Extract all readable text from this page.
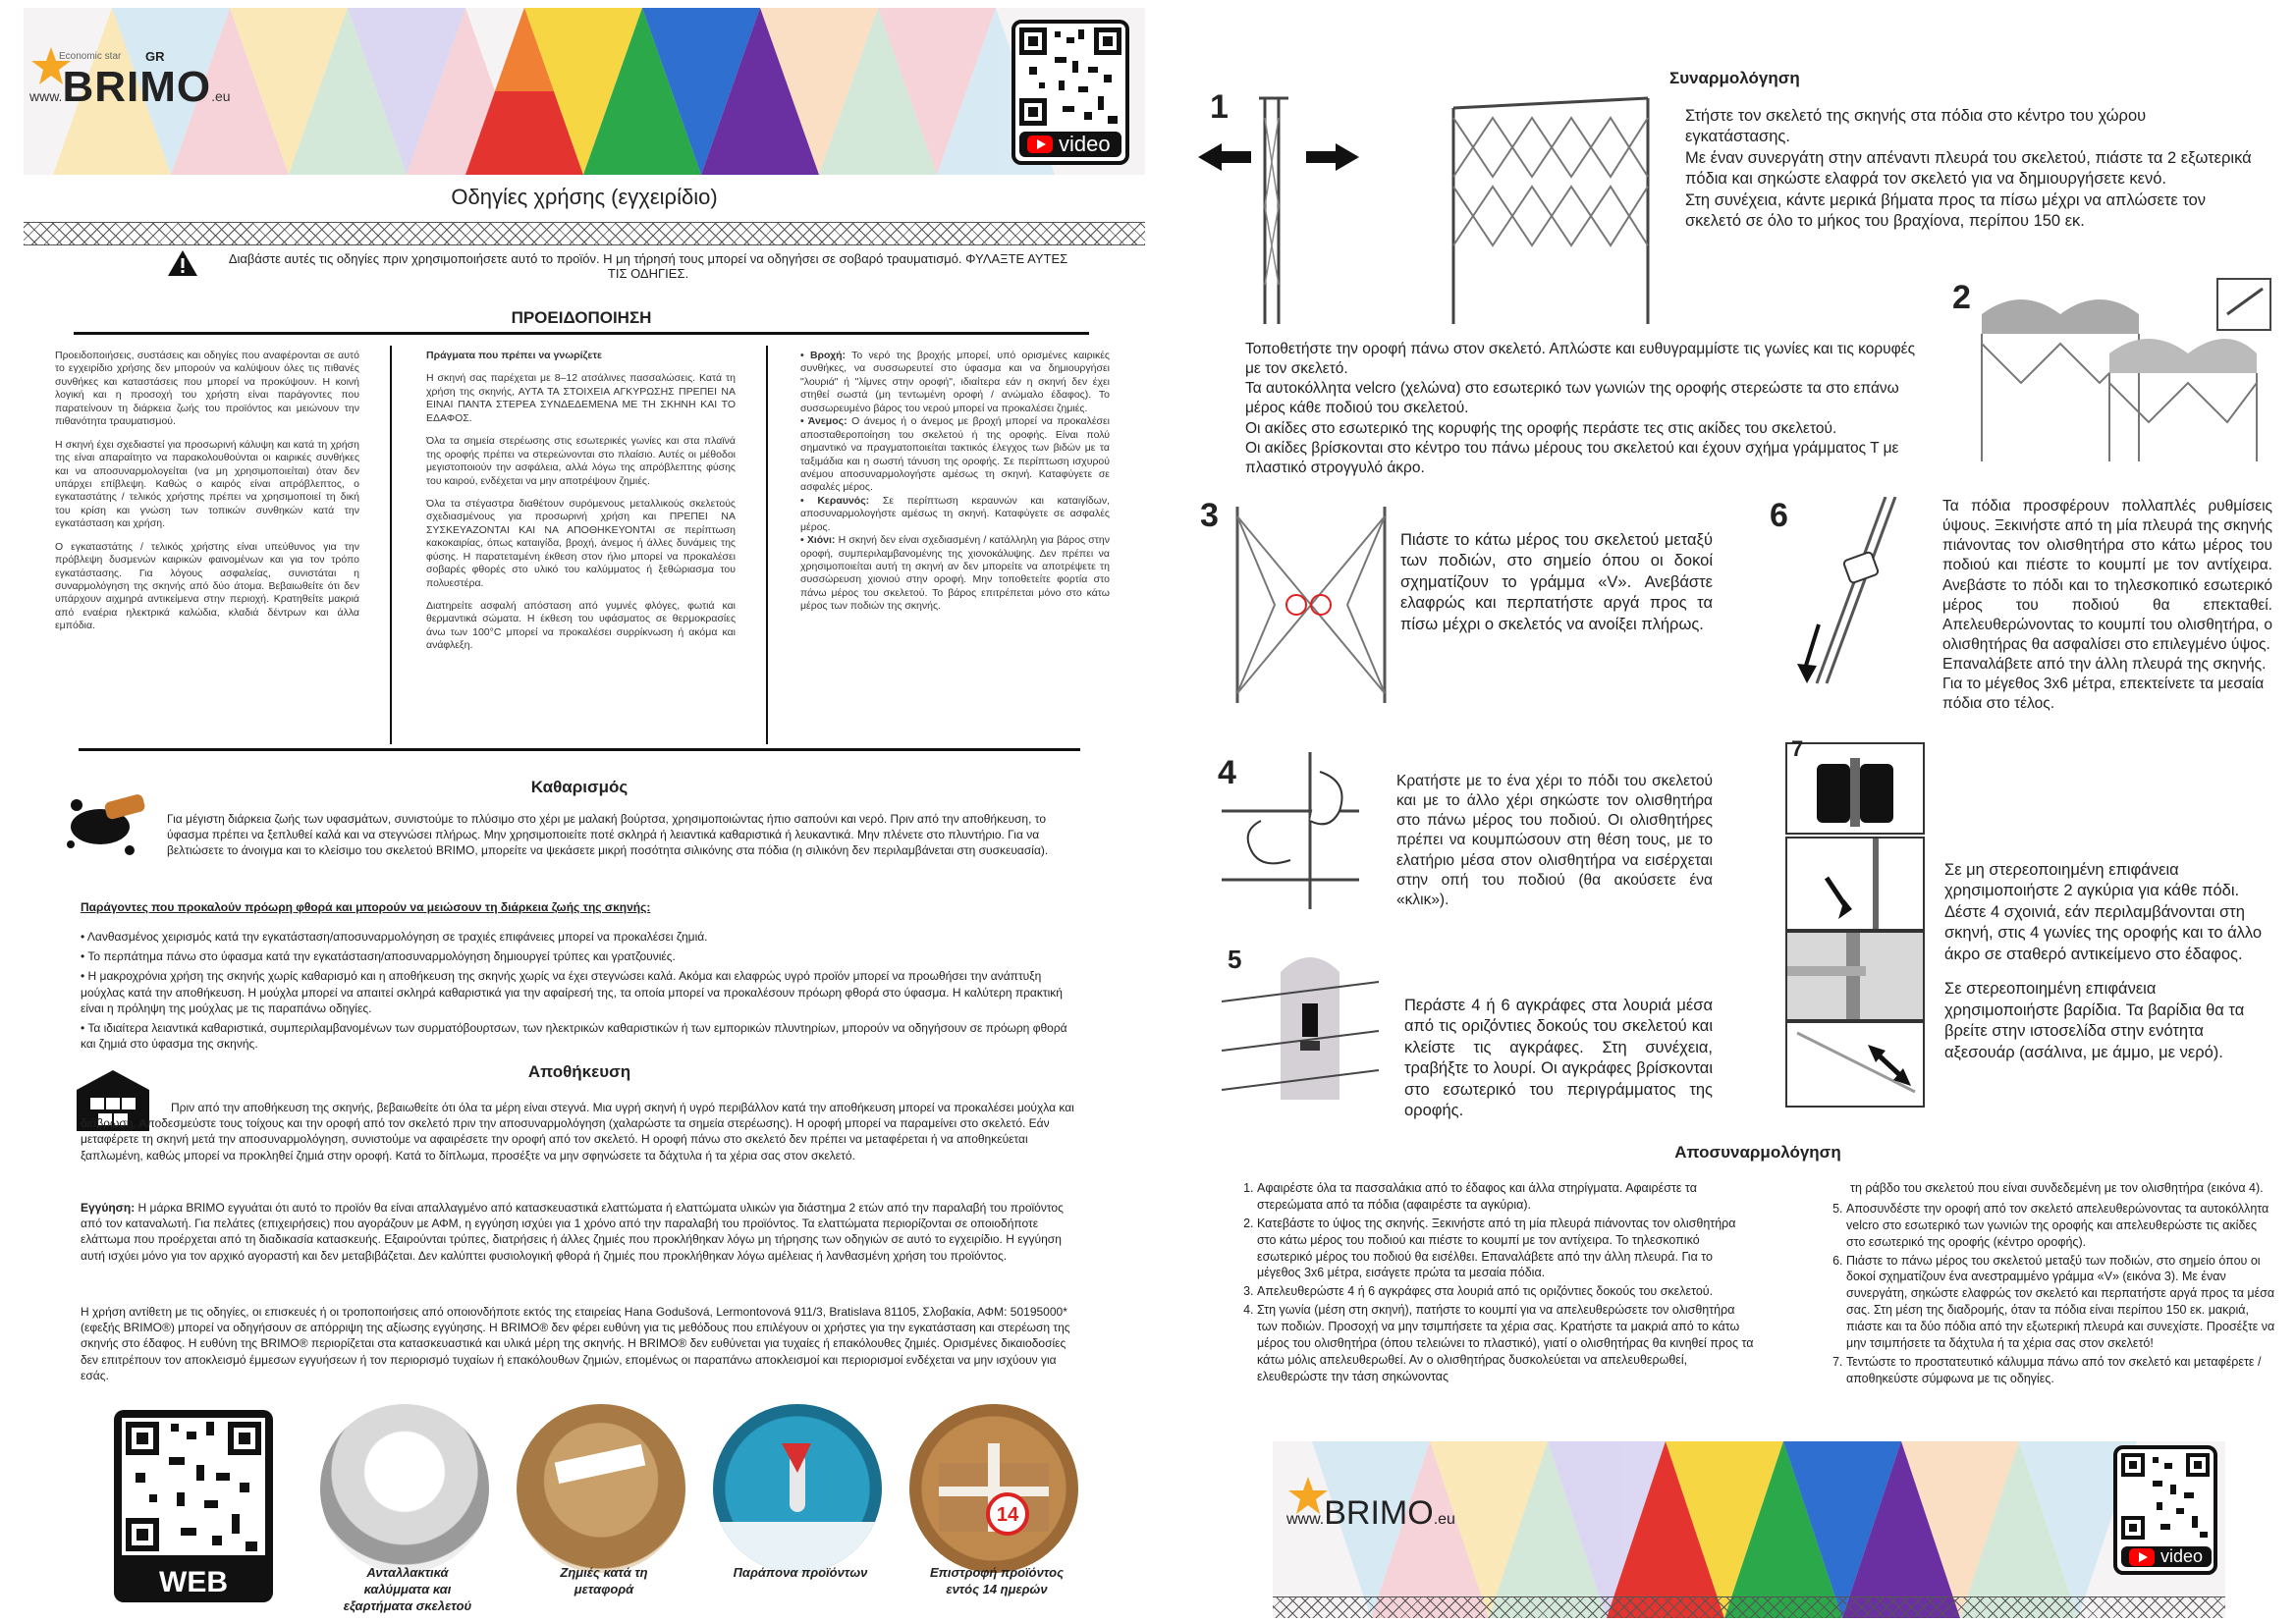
Economic star GR
www.BRIMO.eu
video
Οδηγίες χρήσης (εγχειρίδιο)
Διαβάστε αυτές τις οδηγίες πριν χρησιμοποιήσετε αυτό το προϊόν. Η μη τήρησή τους μπορεί να οδηγήσει σε σοβαρό τραυματισμό. ΦΥΛΑΞΤΕ ΑΥΤΕΣ ΤΙΣ ΟΔΗΓΙΕΣ.
ΠΡΟΕΙΔΟΠΟΙΗΣΗ

Προειδοποιήσεις, συστάσεις και οδηγίες που αναφέρονται σε αυτό το εγχειρίδιο χρήσης δεν μπορούν να καλύψουν όλες τις πιθανές συνθήκες και καταστάσεις που μπορεί να προκύψουν. Η κοινή λογική και η προσοχή του χρήστη είναι παράγοντες που παρατείνουν τη διάρκεια ζωής του προϊόντος και μειώνουν την πιθανότητα τραυματισμού.

Η σκηνή έχει σχεδιαστεί για προσωρινή κάλυψη και κατά τη χρήση της είναι απαραίτητο να παρακολουθούνται οι καιρικές συνθήκες και να αποσυναρμολογείται (να μη χρησιμοποιείται) όταν δεν υπάρχει επίβλεψη. Καθώς ο καιρός είναι απρόβλεπτος, ο εγκαταστάτης / τελικός χρήστης πρέπει να χρησιμοποιεί τη δική του κρίση και γνώση των τοπικών συνθηκών κατά την εγκατάσταση και χρήση.

Ο εγκαταστάτης / τελικός χρήστης είναι υπεύθυνος για την πρόβλεψη δυσμενών καιρικών φαινομένων και για τον τρόπο εγκατάστασης. Για λόγους ασφαλείας, συνιστάται η συναρμολόγηση της σκηνής από δύο άτομα. Βεβαιωθείτε ότι δεν υπάρχουν αιχμηρά αντικείμενα στην περιοχή. Κρατηθείτε μακριά από εναέρια ηλεκτρικά καλώδια, κλαδιά δέντρων και άλλα εμπόδια.

Πράγματα που πρέπει να γνωρίζετε

Η σκηνή σας παρέχεται με 8–12 ατσάλινες πασσαλώσεις. Κατά τη χρήση της σκηνής, ΑΥΤΑ ΤΑ ΣΤΟΙΧΕΙΑ ΑΓΚΥΡΩΣΗΣ ΠΡΕΠΕΙ ΝΑ ΕΙΝΑΙ ΠΑΝΤΑ ΣΤΕΡΕΑ ΣΥΝΔΕΔΕΜΕΝΑ ΜΕ ΤΗ ΣΚΗΝΗ ΚΑΙ ΤΟ ΕΔΑΦΟΣ.

Όλα τα σημεία στερέωσης στις εσωτερικές γωνίες και στα πλαϊνά της οροφής πρέπει να στερεώνονται στο πλαίσιο. Αυτές οι μέθοδοι μεγιστοποιούν την ασφάλεια, αλλά λόγω της απρόβλεπτης φύσης του καιρού, ενδέχεται να μην αποτρέψουν ζημιές.

Όλα τα στέγαστρα διαθέτουν συρόμενους μεταλλικούς σκελετούς σχεδιασμένους για προσωρινή χρήση και ΠΡΕΠΕΙ ΝΑ ΣΥΣΚΕΥΑΖΟΝΤΑΙ ΚΑΙ ΝΑ ΑΠΟΘΗΚΕΥΟΝΤΑΙ σε περίπτωση κακοκαιρίας, όπως καταιγίδα, βροχή, άνεμος ή άλλες δυνάμεις της φύσης. Η παρατεταμένη έκθεση στον ήλιο μπορεί να προκαλέσει σοβαρές φθορές στο υλικό του καλύμματος ή ξεθώριασμα του πολυεστέρα.

Διατηρείτε ασφαλή απόσταση από γυμνές φλόγες, φωτιά και θερμαντικά σώματα. Η έκθεση του υφάσματος σε θερμοκρασίες άνω των 100°C μπορεί να προκαλέσει συρρίκνωση ή ακόμα και ανάφλεξη.

• Βροχή: Το νερό της βροχής μπορεί, υπό ορισμένες καιρικές συνθήκες, να συσσωρευτεί στο ύφασμα και να δημιουργήσει "λουριά" ή "λίμνες στην οροφή", ιδιαίτερα εάν η σκηνή δεν έχει στηθεί σωστά (μη τεντωμένη οροφή / ανώμαλο έδαφος). Το συσσωρευμένο βάρος του νερού μπορεί να προκαλέσει ζημιές.

• Άνεμος: Ο άνεμος ή ο άνεμος με βροχή μπορεί να προκαλέσει αποσταθεροποίηση του σκελετού ή της οροφής. Είναι πολύ σημαντικό να πραγματοποιείται τακτικός έλεγχος των βιδών με τα ταξιμάδια και η σωστή τάνυση της οροφής. Σε περίπτωση ισχυρού ανέμου αποσυναρμολογήστε αμέσως τη σκηνή. Καταφύγετε σε ασφαλές μέρος.

• Κεραυνός: Σε περίπτωση κεραυνών και καταιγίδων, αποσυναρμολογήστε αμέσως τη σκηνή. Καταφύγετε σε ασφαλές μέρος.

• Χιόνι: Η σκηνή δεν είναι σχεδιασμένη / κατάλληλη για βάρος στην οροφή, συμπεριλαμβανομένης της χιονοκάλυψης. Δεν πρέπει να χρησιμοποιείται αυτή τη σκηνή αν δεν μπορείτε να αποτρέψετε τη συσσώρευση χιονιού στην οροφή. Μην τοποθετείτε φορτία στο πάνω μέρος του σκελετού. Το βάρος επιτρέπεται μόνο στο κάτω μέρος των ποδιών της σκηνής.

Καθαρισμός
Για μέγιστη διάρκεια ζωής των υφασμάτων, συνιστούμε το πλύσιμο στο χέρι με μαλακή βούρτσα, χρησιμοποιώντας ήπιο σαπούνι και νερό. Πριν από την αποθήκευση, το ύφασμα πρέπει να ξεπλυθεί καλά και να στεγνώσει πλήρως. Μην χρησιμοποιείτε ποτέ σκληρά ή λειαντικά καθαριστικά ή λευκαντικά. Μην πλένετε στο πλυντήριο. Για να βελτιώσετε το άνοιγμα και το κλείσιμο του σκελετού BRIMO, μπορείτε να ψεκάσετε μικρή ποσότητα σιλικόνης στα πόδια (η σιλικόνη δεν περιλαμβάνεται στη συσκευασία).
Παράγοντες που προκαλούν πρόωρη φθορά και μπορούν να μειώσουν τη διάρκεια ζωής της σκηνής:

• Λανθασμένος χειρισμός κατά την εγκατάσταση/αποσυναρμολόγηση σε τραχιές επιφάνειες μπορεί να προκαλέσει ζημιά.

• Το περπάτημα πάνω στο ύφασμα κατά την εγκατάσταση/αποσυναρμολόγηση δημιουργεί τρύπες και γρατζουνιές.

• Η μακροχρόνια χρήση της σκηνής χωρίς καθαρισμό και η αποθήκευση της σκηνής χωρίς να έχει στεγνώσει καλά. Ακόμα και ελαφρώς υγρό προϊόν μπορεί να προωθήσει την ανάπτυξη μούχλας κατά την αποθήκευση. Η μούχλα μπορεί να απαιτεί σκληρά καθαριστικά για την αφαίρεσή της, τα οποία μπορεί να προκαλέσουν πρόωρη φθορά στο ύφασμα. Η καλύτερη πρακτική είναι η πρόληψη της μούχλας με τις παραπάνω οδηγίες.

• Τα ιδιαίτερα λειαντικά καθαριστικά, συμπεριλαμβανομένων των συρματόβουρτσων, των ηλεκτρικών καθαριστικών ή των εμπορικών πλυντηρίων, μπορούν να οδηγήσουν σε πρόωρη φθορά και ζημιά στο ύφασμα της σκηνής.

Αποθήκευση
Πριν από την αποθήκευση της σκηνής, βεβαιωθείτε ότι όλα τα μέρη είναι στεγνά. Μια υγρή σκηνή ή υγρό περιβάλλον κατά την αποθήκευση μπορεί να προκαλέσει μούχλα και διάβρωση. Αποδεσμεύστε τους τοίχους και την οροφή από τον σκελετό πριν την αποσυναρμολόγηση (χαλαρώστε τα σημεία στερέωσης). Η οροφή μπορεί να παραμείνει στο σκελετό. Εάν μεταφέρετε τη σκηνή μετά την αποσυναρμολόγηση, συνιστούμε να αφαιρέσετε την οροφή από τον σκελετό. Η οροφή πάνω στο σκελετό δεν πρέπει να μεταφέρεται ή να αποθηκεύεται ξαπλωμένη, καθώς μπορεί να προκληθεί ζημιά στην οροφή. Κατά το δίπλωμα, προσέξτε να μην σφηνώσετε τα δάχτυλα ή τα χέρια σας στον σκελετό.
Εγγύηση: Η μάρκα BRIMO εγγυάται ότι αυτό το προϊόν θα είναι απαλλαγμένο από κατασκευαστικά ελαττώματα ή ελαττώματα υλικών για διάστημα 2 ετών από την παραλαβή του προϊόντος από τον καταναλωτή. Για πελάτες (επιχειρήσεις) που αγοράζουν με ΑΦΜ, η εγγύηση ισχύει για 1 χρόνο από την παραλαβή του προϊόντος. Τα ελαττώματα περιορίζονται σε οποιοδήποτε ελάττωμα που προέρχεται από τη διαδικασία κατασκευής. Εξαιρούνται τρύπες, διατρήσεις ή άλλες ζημιές που προκλήθηκαν λόγω μη τήρησης των οδηγιών σε αυτό το εγχειρίδιο. Η εγγύηση αυτή ισχύει μόνο για τον αρχικό αγοραστή και δεν μεταβιβάζεται. Δεν καλύπτει φυσιολογική φθορά ή ζημιές που προκλήθηκαν λόγω αμέλειας ή λανθασμένη χρήση του προϊόντος.
Η χρήση αντίθετη με τις οδηγίες, οι επισκευές ή οι τροποποιήσεις από οποιονδήποτε εκτός της εταιρείας Hana Godušová, Lermontovová 911/3, Bratislava 81105, Σλοβακία, ΑΦΜ: 50195000* (εφεξής BRIMO®) μπορεί να οδηγήσουν σε απόρριψη της αξίωσης εγγύησης. Η BRIMO® δεν φέρει ευθύνη για τις μεθόδους που επιλέγουν οι χρήστες για την εγκατάσταση και στερέωση της σκηνής στο έδαφος. Η ευθύνη της BRIMO® περιορίζεται στα κατασκευαστικά και υλικά μέρη της σκηνής. Η BRIMO® δεν ευθύνεται για τυχαίες ή επακόλουθες ζημιές. Ορισμένες δικαιοδοσίες δεν επιτρέπουν τον αποκλεισμό έμμεσων εγγυήσεων ή τον περιορισμό τυχαίων ή επακόλουθων ζημιών, επομένως οι παραπάνω αποκλεισμοί και περιορισμοί ενδέχεται να μην ισχύουν για εσάς.
WEB	Ανταλλακτικά καλύμματα και εξαρτήματα σκελετού
Ζημιές κατά τη μεταφορά
Παράπονα προϊόντων
14
Επιστροφή προϊόντος εντός 14 ημερών
Συναρμολόγηση
1	Στήστε τον σκελετό της σκηνής στα πόδια στο κέντρο του χώρου εγκατάστασης.
Με έναν συνεργάτη στην απέναντι πλευρά του σκελετού, πιάστε τα 2 εξωτερικά πόδια και σηκώστε ελαφρά τον σκελετό για να δημιουργήσετε κενό.
Στη συνέχεια, κάντε μερικά βήματα προς τα πίσω μέχρι να απλώσετε τον σκελετό σε όλο το μήκος του βραχίονα, περίπου 150 εκ.

Τοποθετήστε την οροφή πάνω στον σκελετό. Απλώστε και ευθυγραμμίστε τις γωνίες και τις κορυφές με τον σκελετό.

Τα αυτοκόλλητα velcro (χελώνα) στο εσωτερικό των γωνιών της οροφής στερεώστε τα στο επάνω μέρος κάθε ποδιού του σκελετού.

Οι ακίδες στο εσωτερικό της κορυφής της οροφής περάστε τες στις ακίδες του σκελετού.

Οι ακίδες βρίσκονται στο κέντρο του πάνω μέρους του σκελετού και έχουν σχήμα γράμματος Τ με πλαστικό στρογγυλό άκρο.

2
3
Πιάστε το κάτω μέρος του σκελετού μεταξύ των ποδιών, στο σημείο όπου οι δοκοί σχηματίζουν το γράμμα «V». Ανεβάστε ελαφρώς και περπατήστε αργά προς τα πίσω μέχρι ο σκελετός να ανοίξει πλήρως.
6	Τα πόδια προσφέρουν πολλαπλές ρυθμίσεις ύψους. Ξεκινήστε από τη μία πλευρά της σκηνής πιάνοντας τον ολισθητήρα στο κάτω μέρος του ποδιού και πιέστε το κουμπί με τον αντίχειρα. Ανεβάστε το πόδι και το τηλεσκοπικό εσωτερικό μέρος του ποδιού θα επεκταθεί. Απελευθερώνοντας το κουμπί του ολισθητήρα, ο ολισθητήρας θα ασφαλίσει στο επιλεγμένο ύψος.

Επαναλάβετε από την άλλη πλευρά της σκηνής. Για το μέγεθος 3x6 μέτρα, επεκτείνετε τα μεσαία πόδια στο τέλος.

4	Κρατήστε με το ένα χέρι το πόδι του σκελετού και με το άλλο χέρι σηκώστε τον ολισθητήρα στο πάνω μέρος του ποδιού. Οι ολισθητήρες πρέπει να κουμπώσουν στη θέση τους, με το ελατήριο μέσα στον ολισθητήρα να εισέρχεται στην οπή του ποδιού (θα ακούσετε ένα «κλικ»).
7

Σε μη στερεοποιημένη επιφάνεια χρησιμοποιήστε 2 αγκύρια για κάθε πόδι. Δέστε 4 σχοινιά, εάν περιλαμβάνονται στη σκηνή, στις 4 γωνίες της οροφής και το άλλο άκρο σε σταθερό αντικείμενο στο έδαφος.

Σε στερεοποιημένη επιφάνεια χρησιμοποιήστε βαρίδια. Τα βαρίδια θα τα βρείτε στην ιστοσελίδα στην ενότητα αξεσουάρ (ασάλινα, με άμμο, με νερό).

5
Περάστε 4 ή 6 αγκράφες στα λουριά μέσα από τις οριζόντιες δοκούς του σκελετού και κλείστε τις αγκράφες. Στη συνέχεια, τραβήξτε το λουρί. Οι αγκράφες βρίσκονται στο εσωτερικό του περιγράμματος της οροφής.
Αποσυναρμολόγηση
1. Αφαιρέστε όλα τα πασσαλάκια από το έδαφος και άλλα στηρίγματα. Αφαιρέστε τα στερεώματα από τα πόδια (αφαιρέστε τα αγκύρια).
2. Κατεβάστε το ύψος της σκηνής. Ξεκινήστε από τη μία πλευρά πιάνοντας τον ολισθητήρα στο κάτω μέρος του ποδιού και πιέστε το κουμπί με τον αντίχειρα. Το τηλεσκοπικό εσωτερικό μέρος του ποδιού θα εισέλθει. Επαναλάβετε από την άλλη πλευρά. Για το μέγεθος 3x6 μέτρα, εισάγετε πρώτα τα μεσαία πόδια.
3. Απελευθερώστε 4 ή 6 αγκράφες στα λουριά από τις οριζόντιες δοκούς του σκελετού.
4. Στη γωνία (μέση στη σκηνή), πατήστε το κουμπί για να απελευθερώσετε τον ολισθητήρα των ποδιών. Προσοχή να μην τσιμπήσετε τα χέρια σας. Κρατήστε τα μακριά από το κάτω μέρος του ολισθητήρα (όπου τελειώνει το πλαστικό), γιατί ο ολισθητήρας θα κινηθεί προς τα κάτω μόλις απελευθερωθεί. Αν ο ολισθητήρας δυσκολεύεται να απελευθερωθεί, ελευθερώστε την τάση σηκώνοντας
τη ράβδο του σκελετού που είναι συνδεδεμένη με τον ολισθητήρα (εικόνα 4).
5. Αποσυνδέστε την οροφή από τον σκελετό απελευθερώνοντας τα αυτοκόλλητα velcro στο εσωτερικό των γωνιών της οροφής και απελευθερώστε τις ακίδες στο εσωτερικό της οροφής (κέντρο οροφής).
6. Πιάστε το πάνω μέρος του σκελετού μεταξύ των ποδιών, στο σημείο όπου οι δοκοί σχηματίζουν ένα ανεστραμμένο γράμμα «V» (εικόνα 3). Με έναν συνεργάτη, σηκώστε ελαφρώς τον σκελετό και περπατήστε αργά προς τα μέσα σας. Στη μέση της διαδρομής, όταν τα πόδια είναι περίπου 150 εκ. μακριά, πιάστε και τα δύο πόδια από την εξωτερική πλευρά και συνεχίστε. Προσέξτε να μην τσιμπήσετε τα δάχτυλα ή τα χέρια σας στον σκελετό!
7. Τεντώστε το προστατευτικό κάλυμμα πάνω από τον σκελετό και μεταφέρετε / αποθηκεύστε σύμφωνα με τις οδηγίες.
www.BRIMO.eu
video
